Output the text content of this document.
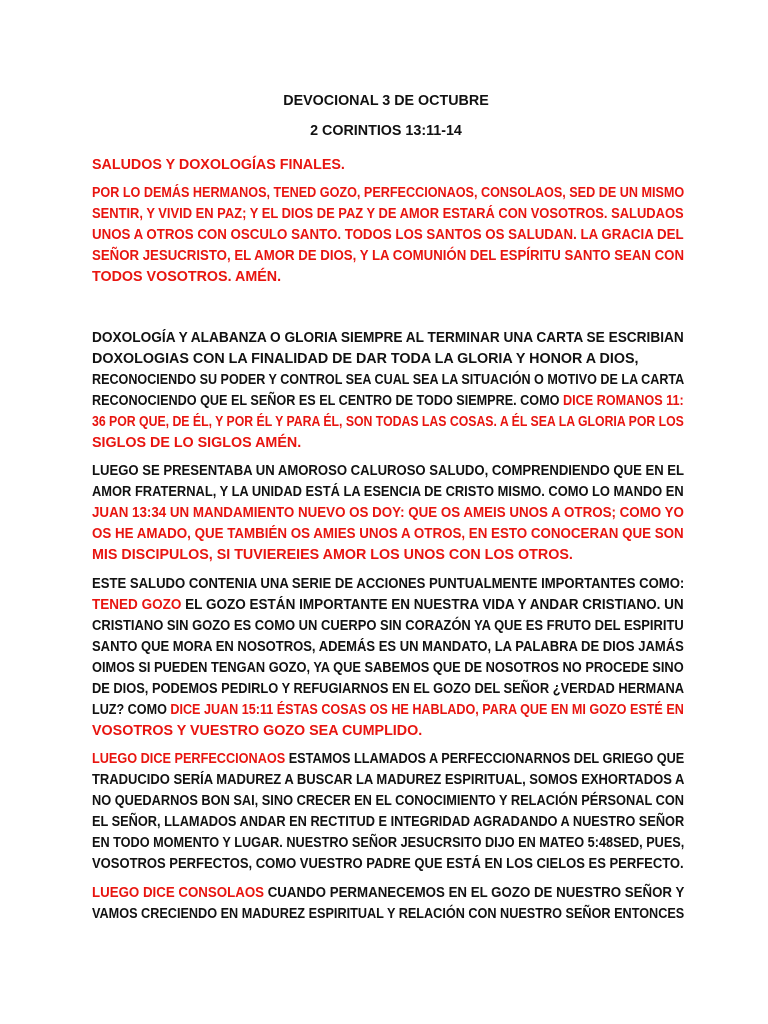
DEVOCIONAL 3 DE OCTUBRE
2 CORINTIOS 13:11-14
SALUDOS Y DOXOLOGÍAS FINALES.
POR LO DEMÁS HERMANOS, TENED GOZO, PERFECCIONAOS, CONSOLAOS, SED DE UN MISMO
SENTIR, Y VIVID EN PAZ; Y EL DIOS DE PAZ Y DE AMOR ESTARÁ CON VOSOTROS. SALUDAOS
UNOS A OTROS CON OSCULO SANTO. TODOS LOS SANTOS OS SALUDAN. LA GRACIA DEL
SEÑOR JESUCRISTO, EL AMOR DE DIOS, Y LA COMUNIÓN DEL ESPÍRITU SANTO SEAN CON
TODOS VOSOTROS. AMÉN.
DOXOLOGÍA Y ALABANZA O GLORIA SIEMPRE AL TERMINAR UNA CARTA SE ESCRIBIAN
DOXOLOGIAS CON LA FINALIDAD DE DAR TODA LA GLORIA Y HONOR A DIOS,
RECONOCIENDO SU PODER Y CONTROL SEA CUAL SEA LA SITUACIÓN O MOTIVO DE LA CARTA
RECONOCIENDO QUE EL SEÑOR ES EL CENTRO DE TODO SIEMPRE. COMO DICE ROMANOS 11:
36 POR QUE, DE ÉL, Y POR ÉL Y PARA ÉL, SON TODAS LAS COSAS. A ÉL SEA LA GLORIA POR LOS
SIGLOS DE LO SIGLOS AMÉN.
LUEGO SE PRESENTABA UN AMOROSO CALUROSO SALUDO, COMPRENDIENDO QUE EN EL
AMOR FRATERNAL, Y LA UNIDAD ESTÁ LA ESENCIA DE CRISTO MISMO. COMO LO MANDO EN
JUAN 13:34 UN MANDAMIENTO NUEVO OS DOY: QUE OS AMEIS UNOS A OTROS; COMO YO
OS HE AMADO, QUE TAMBIÉN OS AMIES UNOS A OTROS, EN ESTO CONOCERAN QUE SON
MIS DISCIPULOS, SI TUVIEREIES AMOR LOS UNOS CON LOS OTROS.
ESTE SALUDO CONTENIA UNA SERIE DE ACCIONES PUNTUALMENTE IMPORTANTES COMO:
TENED GOZO EL GOZO ESTÁN IMPORTANTE EN NUESTRA VIDA Y ANDAR CRISTIANO. UN
CRISTIANO SIN GOZO ES COMO UN CUERPO SIN CORAZÓN YA QUE ES FRUTO DEL ESPIRITU
SANTO QUE MORA EN NOSOTROS, ADEMÁS ES UN MANDATO, LA PALABRA DE DIOS JAMÁS
OIMOS SI PUEDEN TENGAN GOZO, YA QUE SABEMOS QUE DE NOSOTROS NO PROCEDE SINO
DE DIOS, PODEMOS PEDIRLO Y REFUGIARNOS EN EL GOZO DEL SEÑOR ¿VERDAD HERMANA
LUZ? COMO DICE JUAN 15:11 ÉSTAS COSAS OS HE HABLADO, PARA QUE EN MI GOZO ESTÉ EN
VOSOTROS Y VUESTRO GOZO SEA CUMPLIDO.
LUEGO DICE PERFECCIONAOS ESTAMOS LLAMADOS A PERFECCIONARNOS DEL GRIEGO QUE
TRADUCIDO SERÍA MADUREZ A BUSCAR LA MADUREZ ESPIRITUAL, SOMOS EXHORTADOS A
NO QUEDARNOS BON SAI, SINO CRECER EN EL CONOCIMIENTO Y RELACIÓN PÉRSONAL CON
EL SEÑOR, LLAMADOS ANDAR EN RECTITUD E INTEGRIDAD AGRADANDO A NUESTRO SEÑOR
EN TODO MOMENTO Y LUGAR. NUESTRO SEÑOR JESUCRSITO DIJO EN MATEO 5:48SED, PUES,
VOSOTROS PERFECTOS, COMO VUESTRO PADRE QUE ESTÁ EN LOS CIELOS ES PERFECTO.
LUEGO DICE CONSOLAOS CUANDO PERMANECEMOS EN EL GOZO DE NUESTRO SEÑOR Y
VAMOS CRECIENDO EN MADUREZ ESPIRITUAL Y RELACIÓN CON NUESTRO SEÑOR ENTONCES
